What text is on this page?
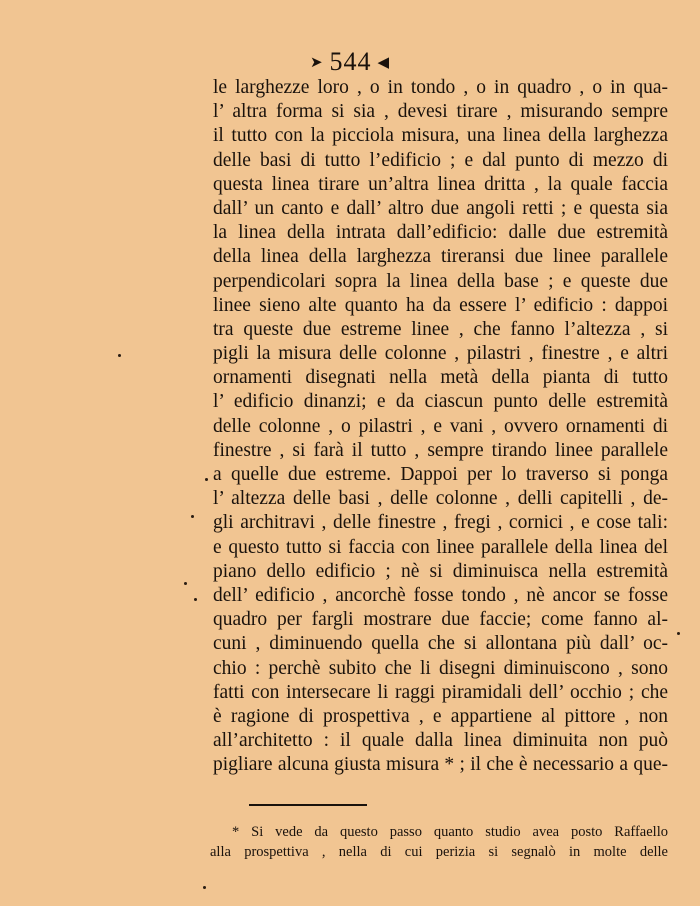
➤ 544 ◀
le larghezze loro , o in tondo , o in quadro , o in qua-
l’ altra forma si sia , devesi tirare , misurando sempre
il tutto con la picciola misura, una linea della larghezza
delle basi di tutto l’edificio ; e dal punto di mezzo di
questa linea tirare un’altra linea dritta , la quale faccia
dall’ un canto e dall’ altro due angoli retti ; e questa sia
la linea della intrata dall’edificio: dalle due estremità
della linea della larghezza tireransi due linee parallele
perpendicolari sopra la linea della base ; e queste due
linee sieno alte quanto ha da essere l’ edificio : dappoi
tra queste due estreme linee , che fanno l’altezza , si
pigli la misura delle colonne , pilastri , finestre , e altri
ornamenti disegnati nella metà della pianta di tutto
l’ edificio dinanzi; e da ciascun punto delle estremità
delle colonne , o pilastri , e vani , ovvero ornamenti di
finestre , si farà il tutto , sempre tirando linee parallele
a quelle due estreme. Dappoi per lo traverso si ponga
l’ altezza delle basi , delle colonne , delli capitelli , de-
gli architravi , delle finestre , fregi , cornici , e cose tali:
e questo tutto si faccia con linee parallele della linea del
piano dello edificio ; nè si diminuisca nella estremità
dell’ edificio , ancorchè fosse tondo , nè ancor se fosse
quadro per fargli mostrare due faccie; come fanno al-
cuni , diminuendo quella che si allontana più dall’ oc-
chio : perchè subito che li disegni diminuiscono , sono
fatti con intersecare li raggi piramidali dell’ occhio ; che
è ragione di prospettiva , e appartiene al pittore , non
all’architetto : il quale dalla linea diminuita non può
pigliare alcuna giusta misura * ; il che è necessario a que-
* Si vede da questo passo quanto studio avea posto Raffaello
alla prospettiva , nella di cui perizia si segnalò in molte delle
